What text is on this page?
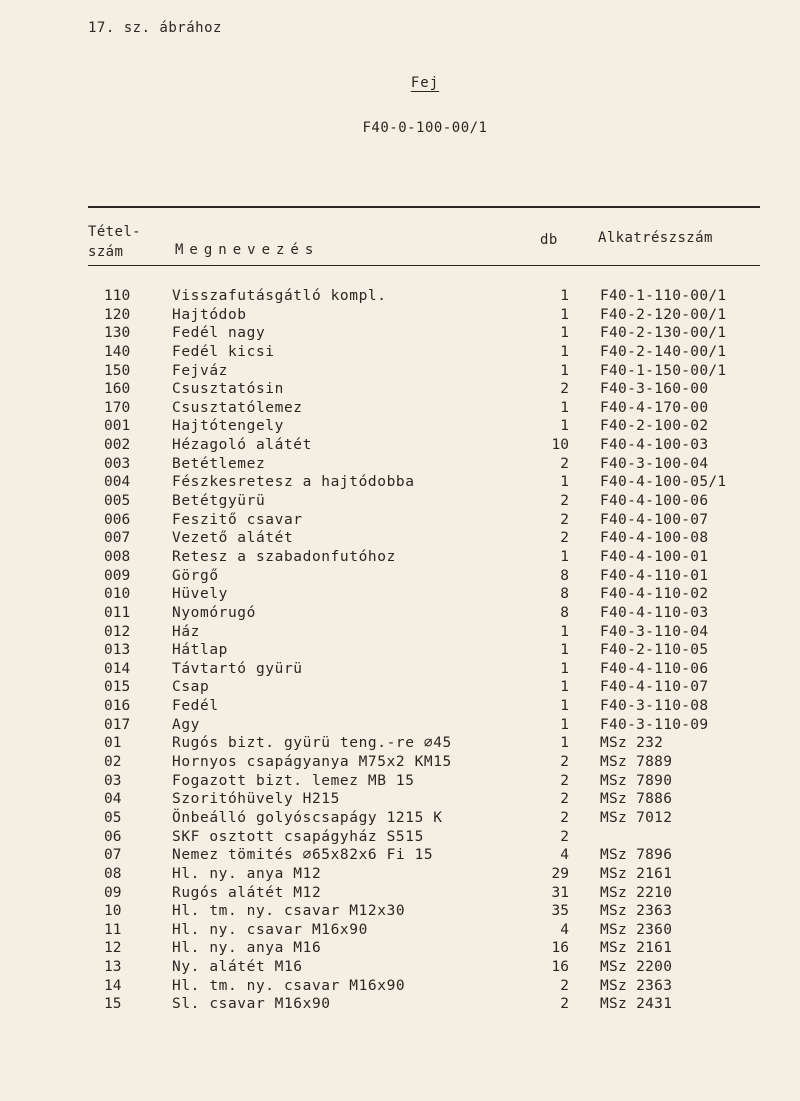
17. sz. ábrához
Fej
F40-0-100-00/1
Tétel-
szám	Megnevezés
db	Alkatrészszám
110	Visszafutásgátló kompl.	1 F40-1-110-00/1
120	Hajtódob	1 F40-2-120-00/1
130	Fedél nagy	1 F40-2-130-00/1
140	Fedél kicsi	1 F40-2-140-00/1
150	Fejváz	1 F40-1-150-00/1
160	Csusztatósin	2 F40-3-160-00
170	Csusztatólemez	1 F40-4-170-00
001	Hajtótengely	1 F40-2-100-02
002	Hézagoló alátét	10 F40-4-100-03
003	Betétlemez	2 F40-3-100-04
004	Fészkesretesz a hajtódobba	1 F40-4-100-05/1
005	Betétgyürü	2 F40-4-100-06
006	Feszitő csavar	2 F40-4-100-07
007	Vezető alátét	2 F40-4-100-08
008	Retesz a szabadonfutóhoz	1 F40-4-100-01
009	Görgő	8 F40-4-110-01
010	Hüvely	8 F40-4-110-02
011	Nyomórugó	8 F40-4-110-03
012	Ház	1 F40-3-110-04
013	Hátlap	1 F40-2-110-05
014	Távtartó gyürü	1 F40-4-110-06
015	Csap	1 F40-4-110-07
016	Fedél	1 F40-3-110-08
017	Agy	1 F40-3-110-09
01	Rugós bizt. gyürü teng.-re ∅45	1 MSz 232
02	Hornyos csapágyanya M75x2 KM15	2 MSz 7889
03	Fogazott bizt. lemez MB 15	2 MSz 7890
04	Szoritóhüvely H215	2 MSz 7886
05	Önbeálló golyóscsapágy 1215 K	2 MSz 7012
06	SKF osztott csapágyház S515	2
07	Nemez tömités ∅65x82x6 Fi 15	4 MSz 7896
08	Hl. ny. anya M12	29 MSz 2161
09	Rugós alátét M12	31 MSz 2210
10	Hl. tm. ny. csavar M12x30	35 MSz 2363
11	Hl. ny. csavar M16x90	4 MSz 2360
12	Hl. ny. anya M16	16 MSz 2161
13	Ny. alátét M16	16 MSz 2200
14	Hl. tm. ny. csavar M16x90	2 MSz 2363
15	Sl. csavar M16x90	2 MSz 2431
